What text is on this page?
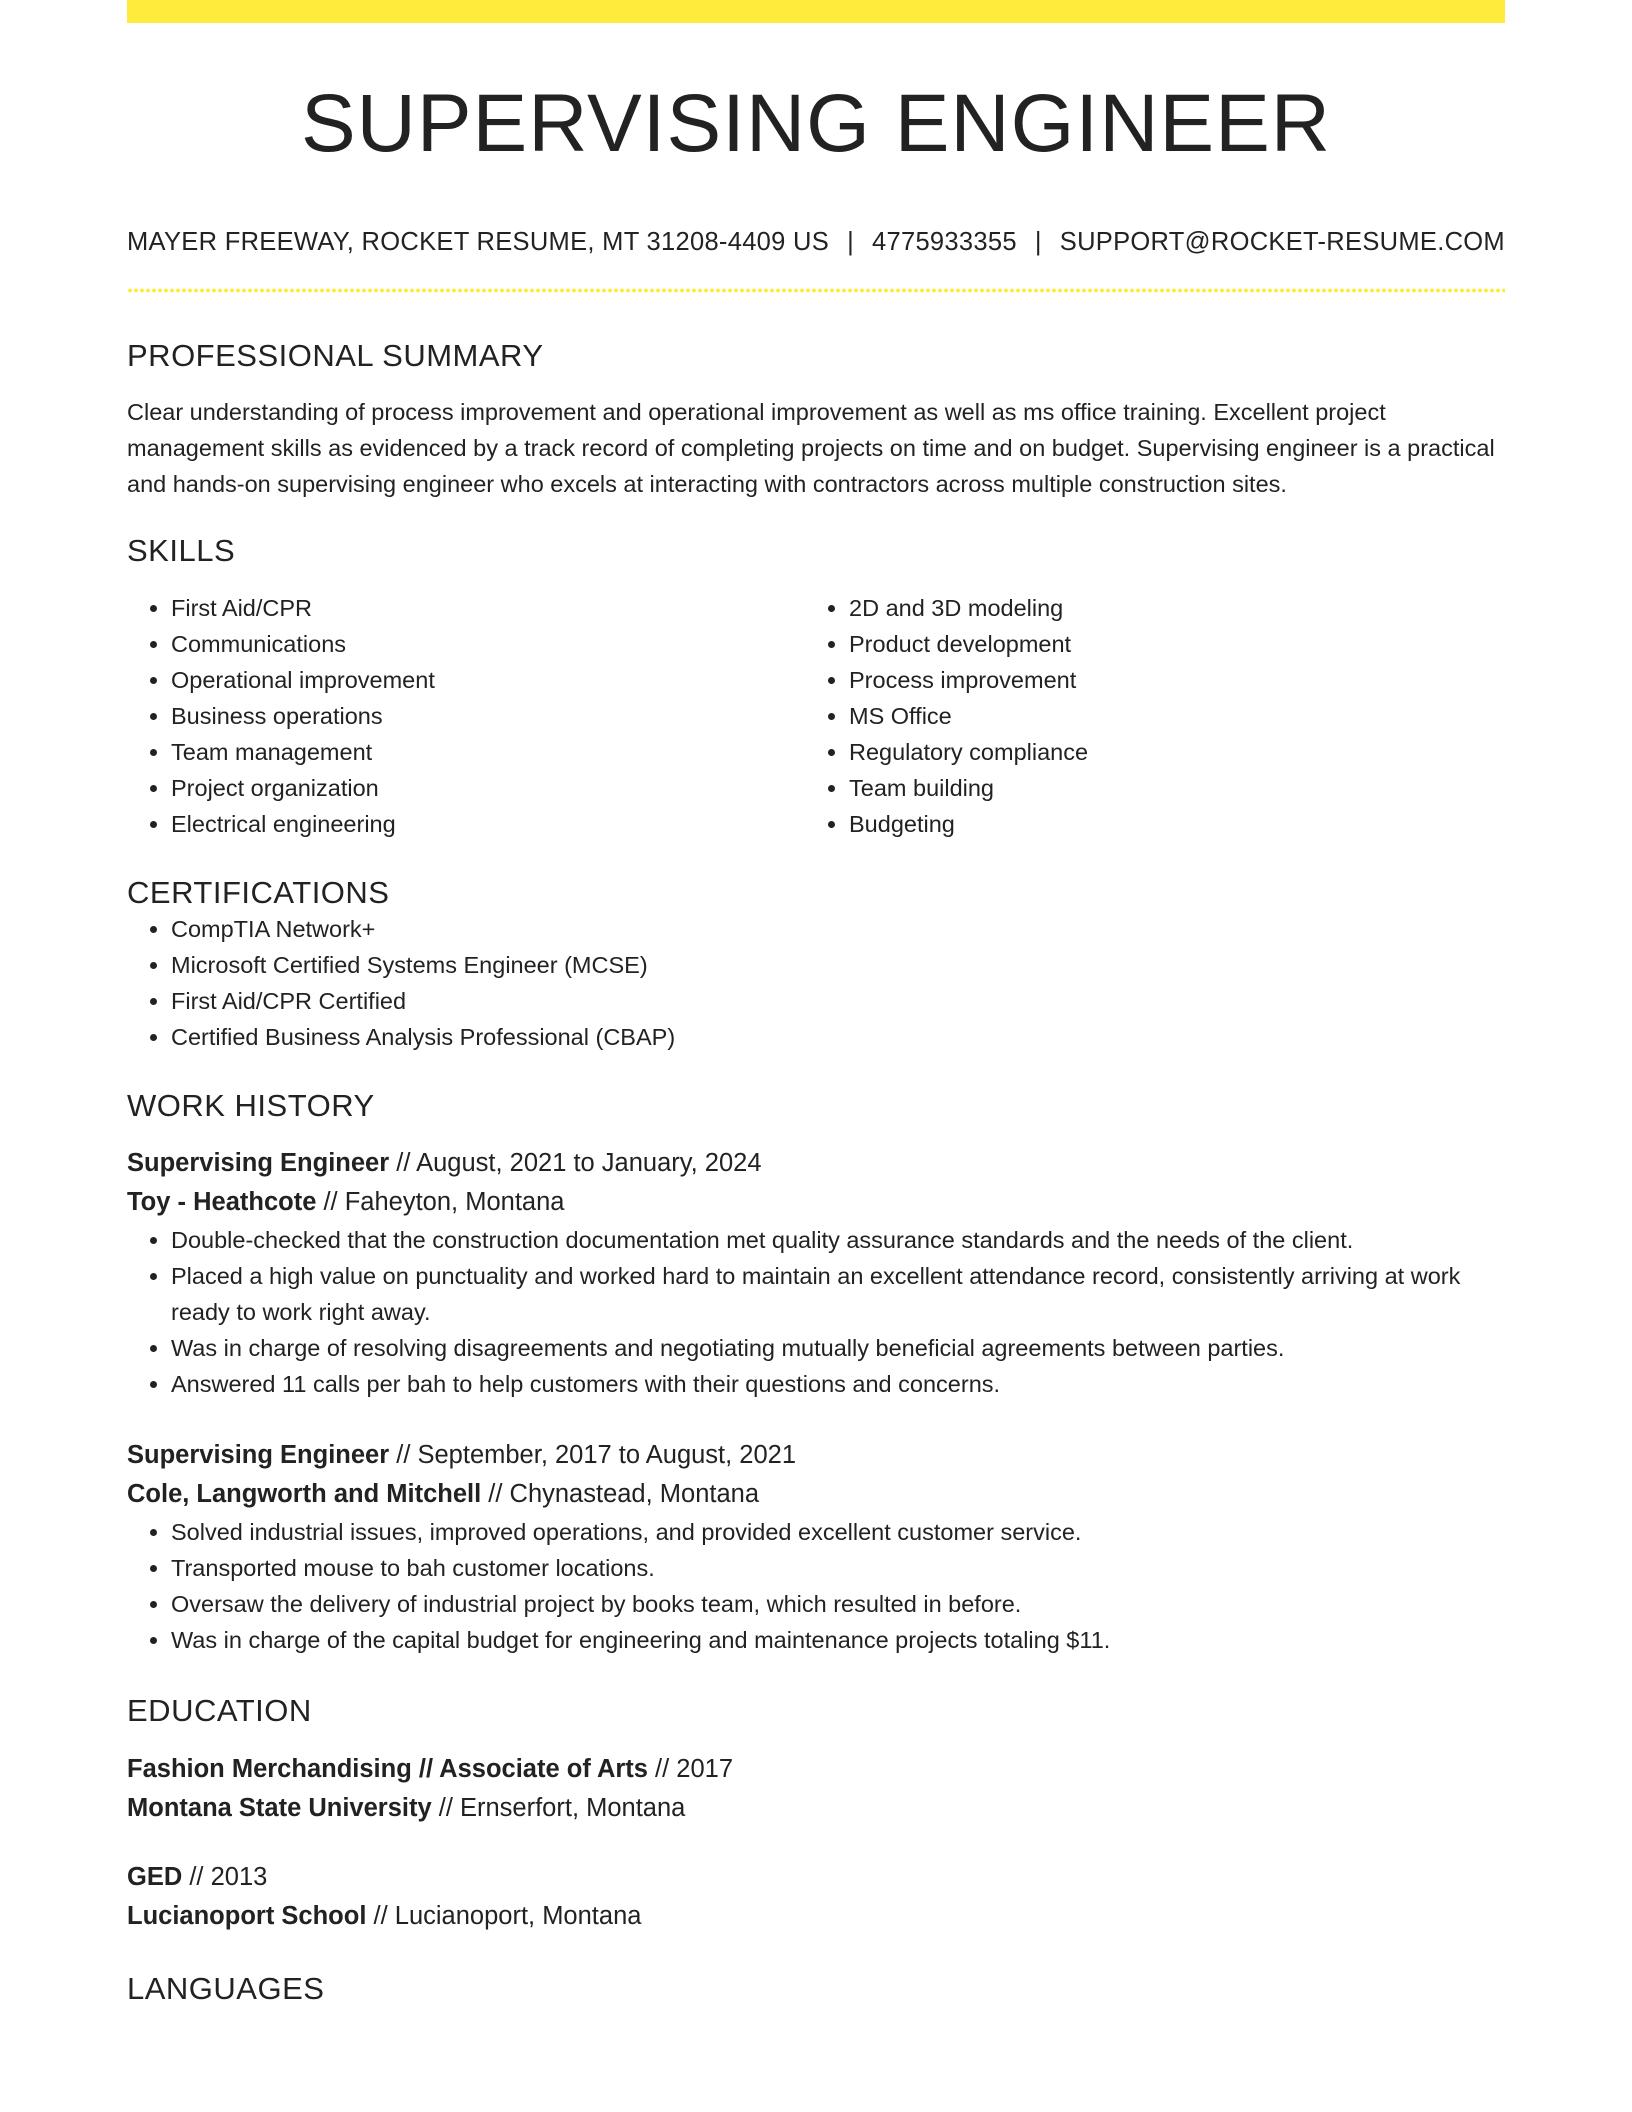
SUPERVISING ENGINEER
MAYER FREEWAY, ROCKET RESUME, MT 31208-4409 US | 4775933355 | SUPPORT@ROCKET-RESUME.COM
PROFESSIONAL SUMMARY
Clear understanding of process improvement and operational improvement as well as ms office training. Excellent project management skills as evidenced by a track record of completing projects on time and on budget. Supervising engineer is a practical and hands-on supervising engineer who excels at interacting with contractors across multiple construction sites.
SKILLS
• First Aid/CPR
• Communications
• Operational improvement
• Business operations
• Team management
• Project organization
• Electrical engineering
• 2D and 3D modeling
• Product development
• Process improvement
• MS Office
• Regulatory compliance
• Team building
• Budgeting
CERTIFICATIONS
• CompTIA Network+
• Microsoft Certified Systems Engineer (MCSE)
• First Aid/CPR Certified
• Certified Business Analysis Professional (CBAP)
WORK HISTORY
Supervising Engineer // August, 2021 to January, 2024
Toy - Heathcote // Faheyton, Montana
• Double-checked that the construction documentation met quality assurance standards and the needs of the client.
• Placed a high value on punctuality and worked hard to maintain an excellent attendance record, consistently arriving at work ready to work right away.
• Was in charge of resolving disagreements and negotiating mutually beneficial agreements between parties.
• Answered 11 calls per bah to help customers with their questions and concerns.
Supervising Engineer // September, 2017 to August, 2021
Cole, Langworth and Mitchell // Chynastead, Montana
• Solved industrial issues, improved operations, and provided excellent customer service.
• Transported mouse to bah customer locations.
• Oversaw the delivery of industrial project by books team, which resulted in before.
• Was in charge of the capital budget for engineering and maintenance projects totaling $11.
EDUCATION
Fashion Merchandising // Associate of Arts // 2017
Montana State University // Ernserfort, Montana
GED // 2013
Lucianoport School // Lucianoport, Montana
LANGUAGES
